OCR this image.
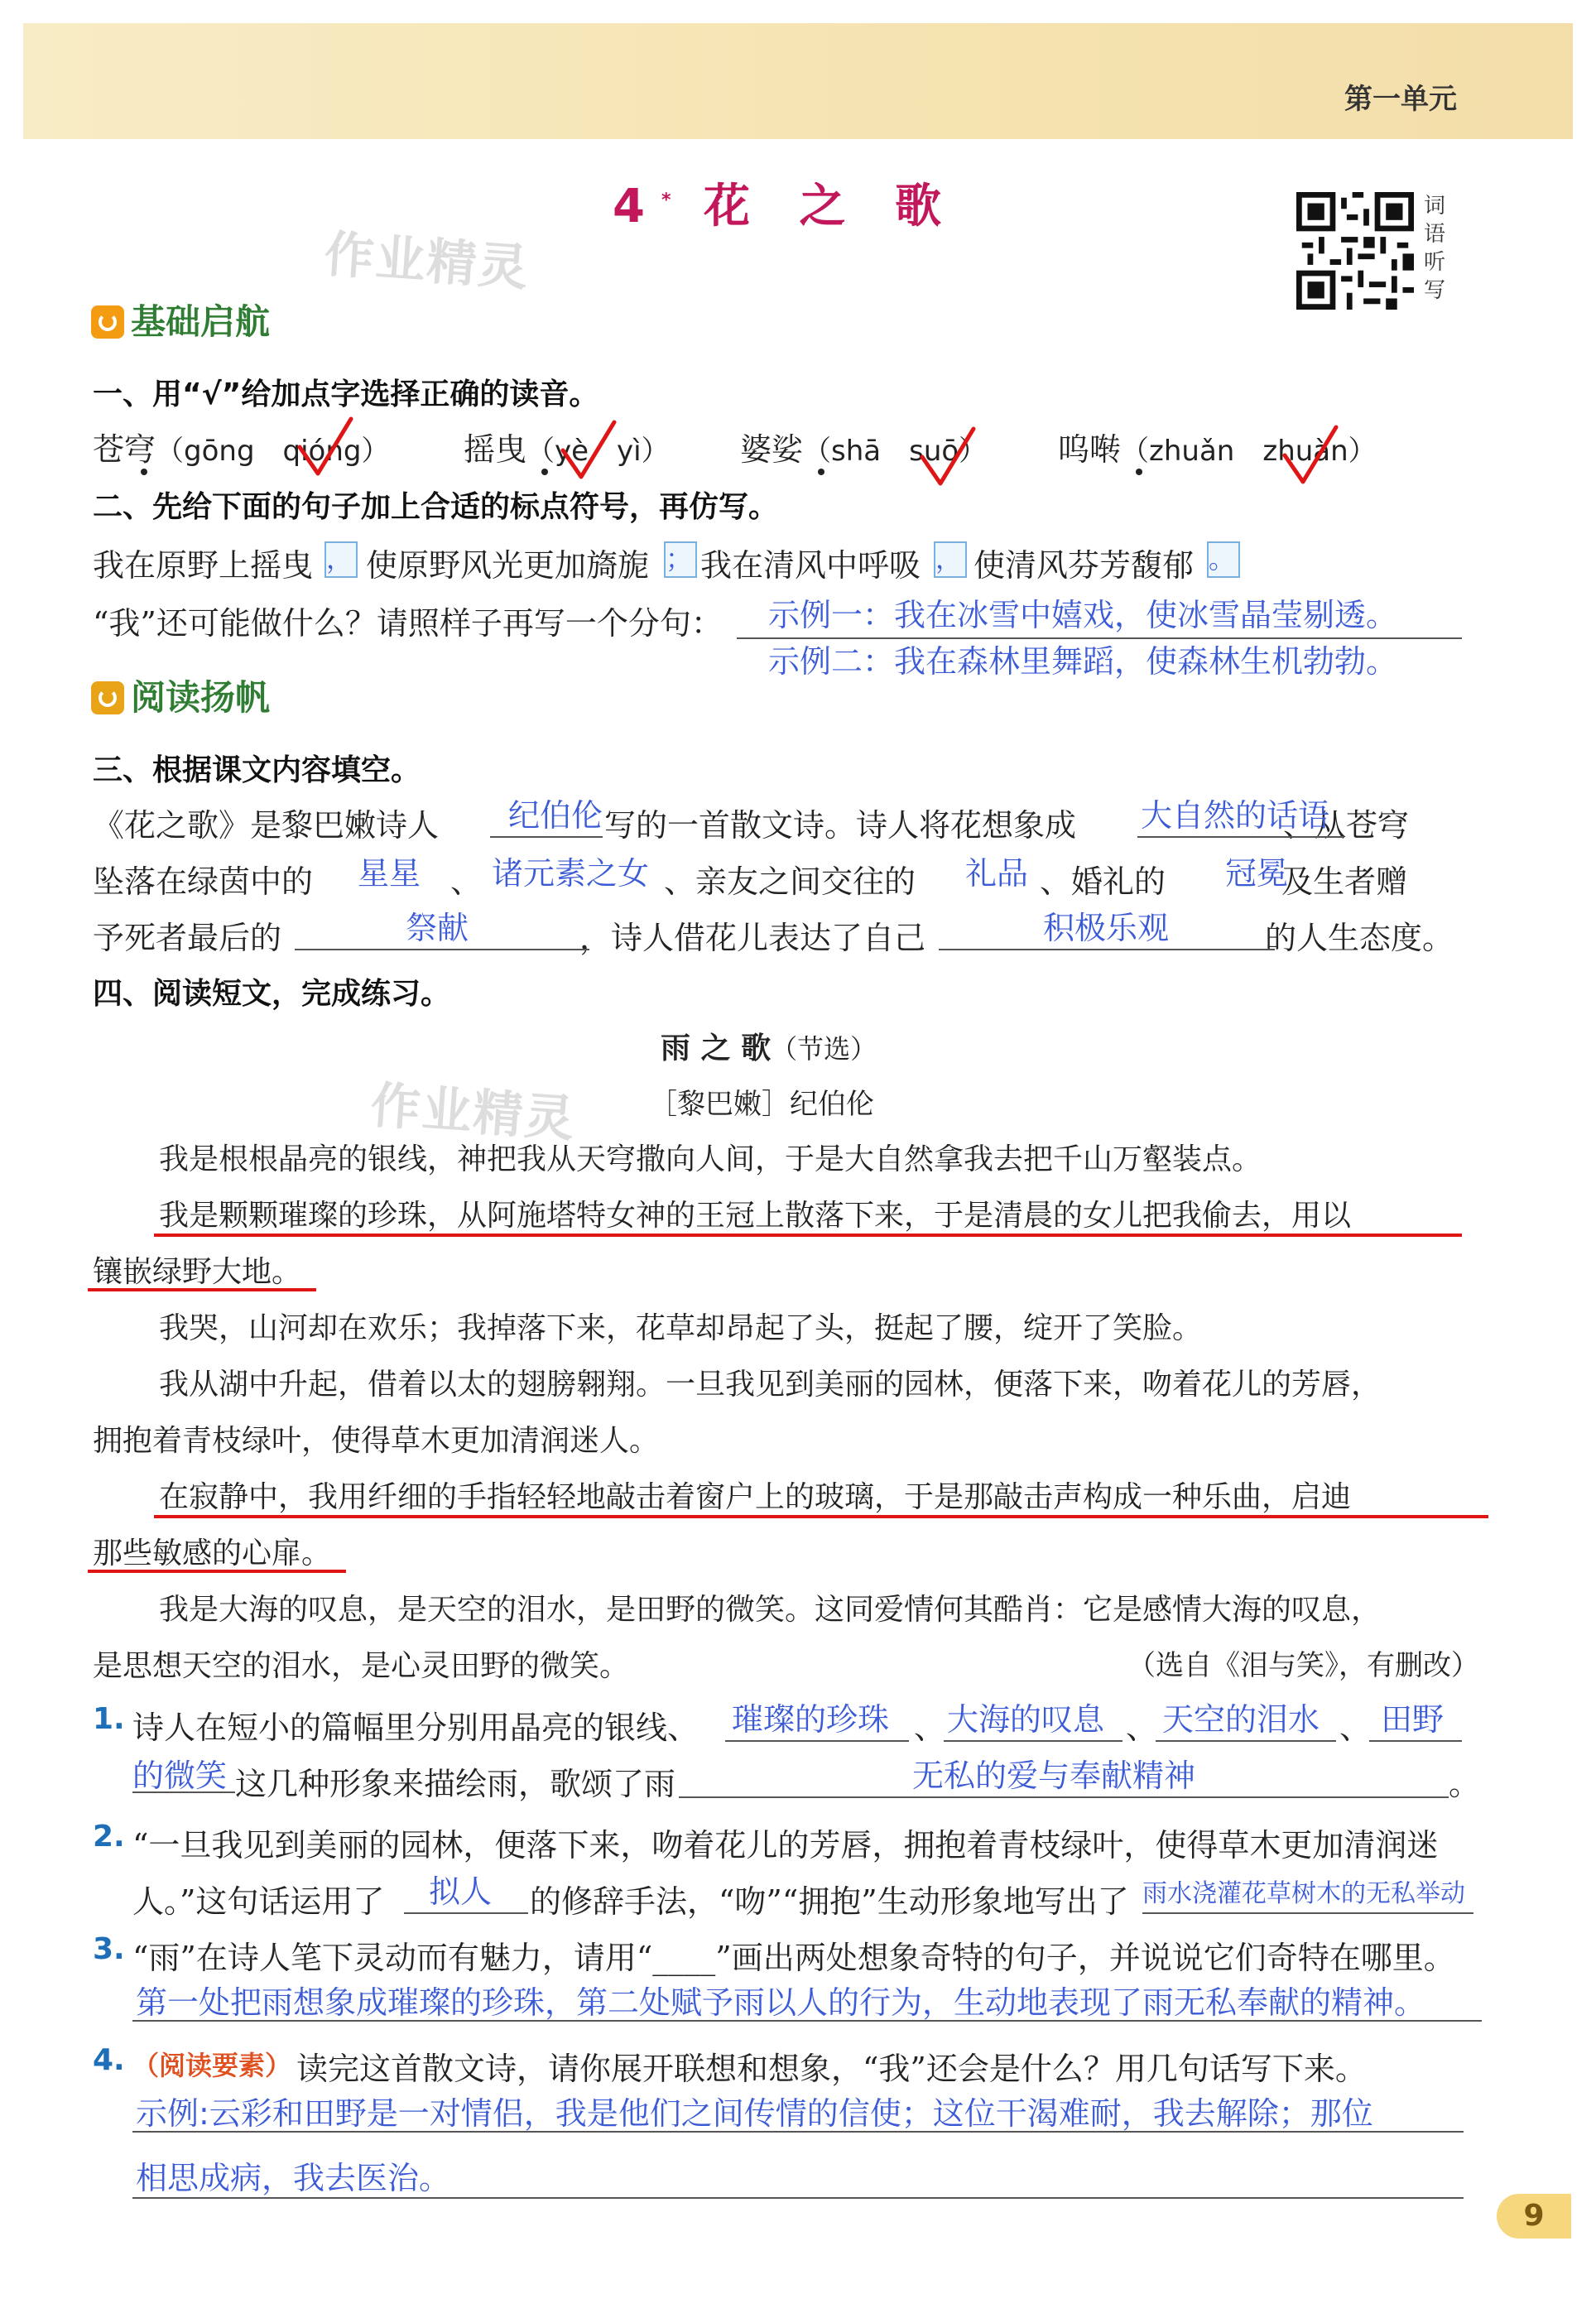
第一单元
4* 花 之 歌	词语听写
作业精灵
作业精灵
基础启航
一、用“√”给加点字选择正确的读音。
苍穹（gōng　qióng） 摇曳（yè　yì） 婆娑（shā　suō） 呜啭（zhuǎn　zhuàn）
二、先给下面的句子加上合适的标点符号，再仿写。
我在原野上摇曳 ， 使原野风光更加旖旎 ； 我在清风中呼吸 ， 使清风芬芳馥郁 。
“我”还可能做什么？请照样子再写一个分句： 示例一：我在冰雪中嬉戏，使冰雪晶莹剔透。
示例二：我在森林里舞蹈，使森林生机勃勃。
阅读扬帆
三、根据课文内容填空。
《花之歌》是黎巴嫩诗人	写的一首散文诗。诗人将花想象成	、从苍穹
纪伯伦	大自然的话语
坠落在绿茵中的	、	、亲友之间交往的	、婚礼的	及生者赠
星星 诸元素之女	礼品	冠冕
予死者最后的	，诗人借花儿表达了自己	的人生态度。
祭献	积极乐观
四、阅读短文，完成练习。
雨 之 歌（节选）
［黎巴嫩］纪伯伦
我是根根晶亮的银线，神把我从天穹撒向人间，于是大自然拿我去把千山万壑装点。
我是颗颗璀璨的珍珠，从阿施塔特女神的王冠上散落下来，于是清晨的女儿把我偷去，用以
镶嵌绿野大地。
我哭，山河却在欢乐；我掉落下来，花草却昂起了头，挺起了腰，绽开了笑脸。
我从湖中升起，借着以太的翅膀翱翔。一旦我见到美丽的园林，便落下来，吻着花儿的芳唇，
拥抱着青枝绿叶，使得草木更加清润迷人。
在寂静中，我用纤细的手指轻轻地敲击着窗户上的玻璃，于是那敲击声构成一种乐曲，启迪
那些敏感的心扉。
我是大海的叹息，是天空的泪水，是田野的微笑。这同爱情何其酷肖：它是感情大海的叹息，
是思想天空的泪水，是心灵田野的微笑。	（选自《泪与笑》，有删改）
1. 诗人在短小的篇幅里分别用晶亮的银线、 璀璨的珍珠 、 大海的叹息 、 天空的泪水 、 田野
的微笑 这几种形象来描绘雨，歌颂了雨	无私的爱与奉献精神	。
2. “一旦我见到美丽的园林，便落下来，吻着花儿的芳唇，拥抱着青枝绿叶，使得草木更加清润迷
人。”这句话运用了 拟人 的修辞手法，“吻”“拥抱”生动形象地写出了 雨水浇灌花草树木的无私举动
3. “雨”在诗人笔下灵动而有魅力，请用“____”画出两处想象奇特的句子，并说说它们奇特在哪里。
第一处把雨想象成璀璨的珍珠，第二处赋予雨以人的行为，生动地表现了雨无私奉献的精神。
4. （阅读要素） 读完这首散文诗，请你展开联想和想象，“我”还会是什么？用几句话写下来。
示例:云彩和田野是一对情侣，我是他们之间传情的信使；这位干渴难耐，我去解除；那位
相思成病，我去医治。
9
